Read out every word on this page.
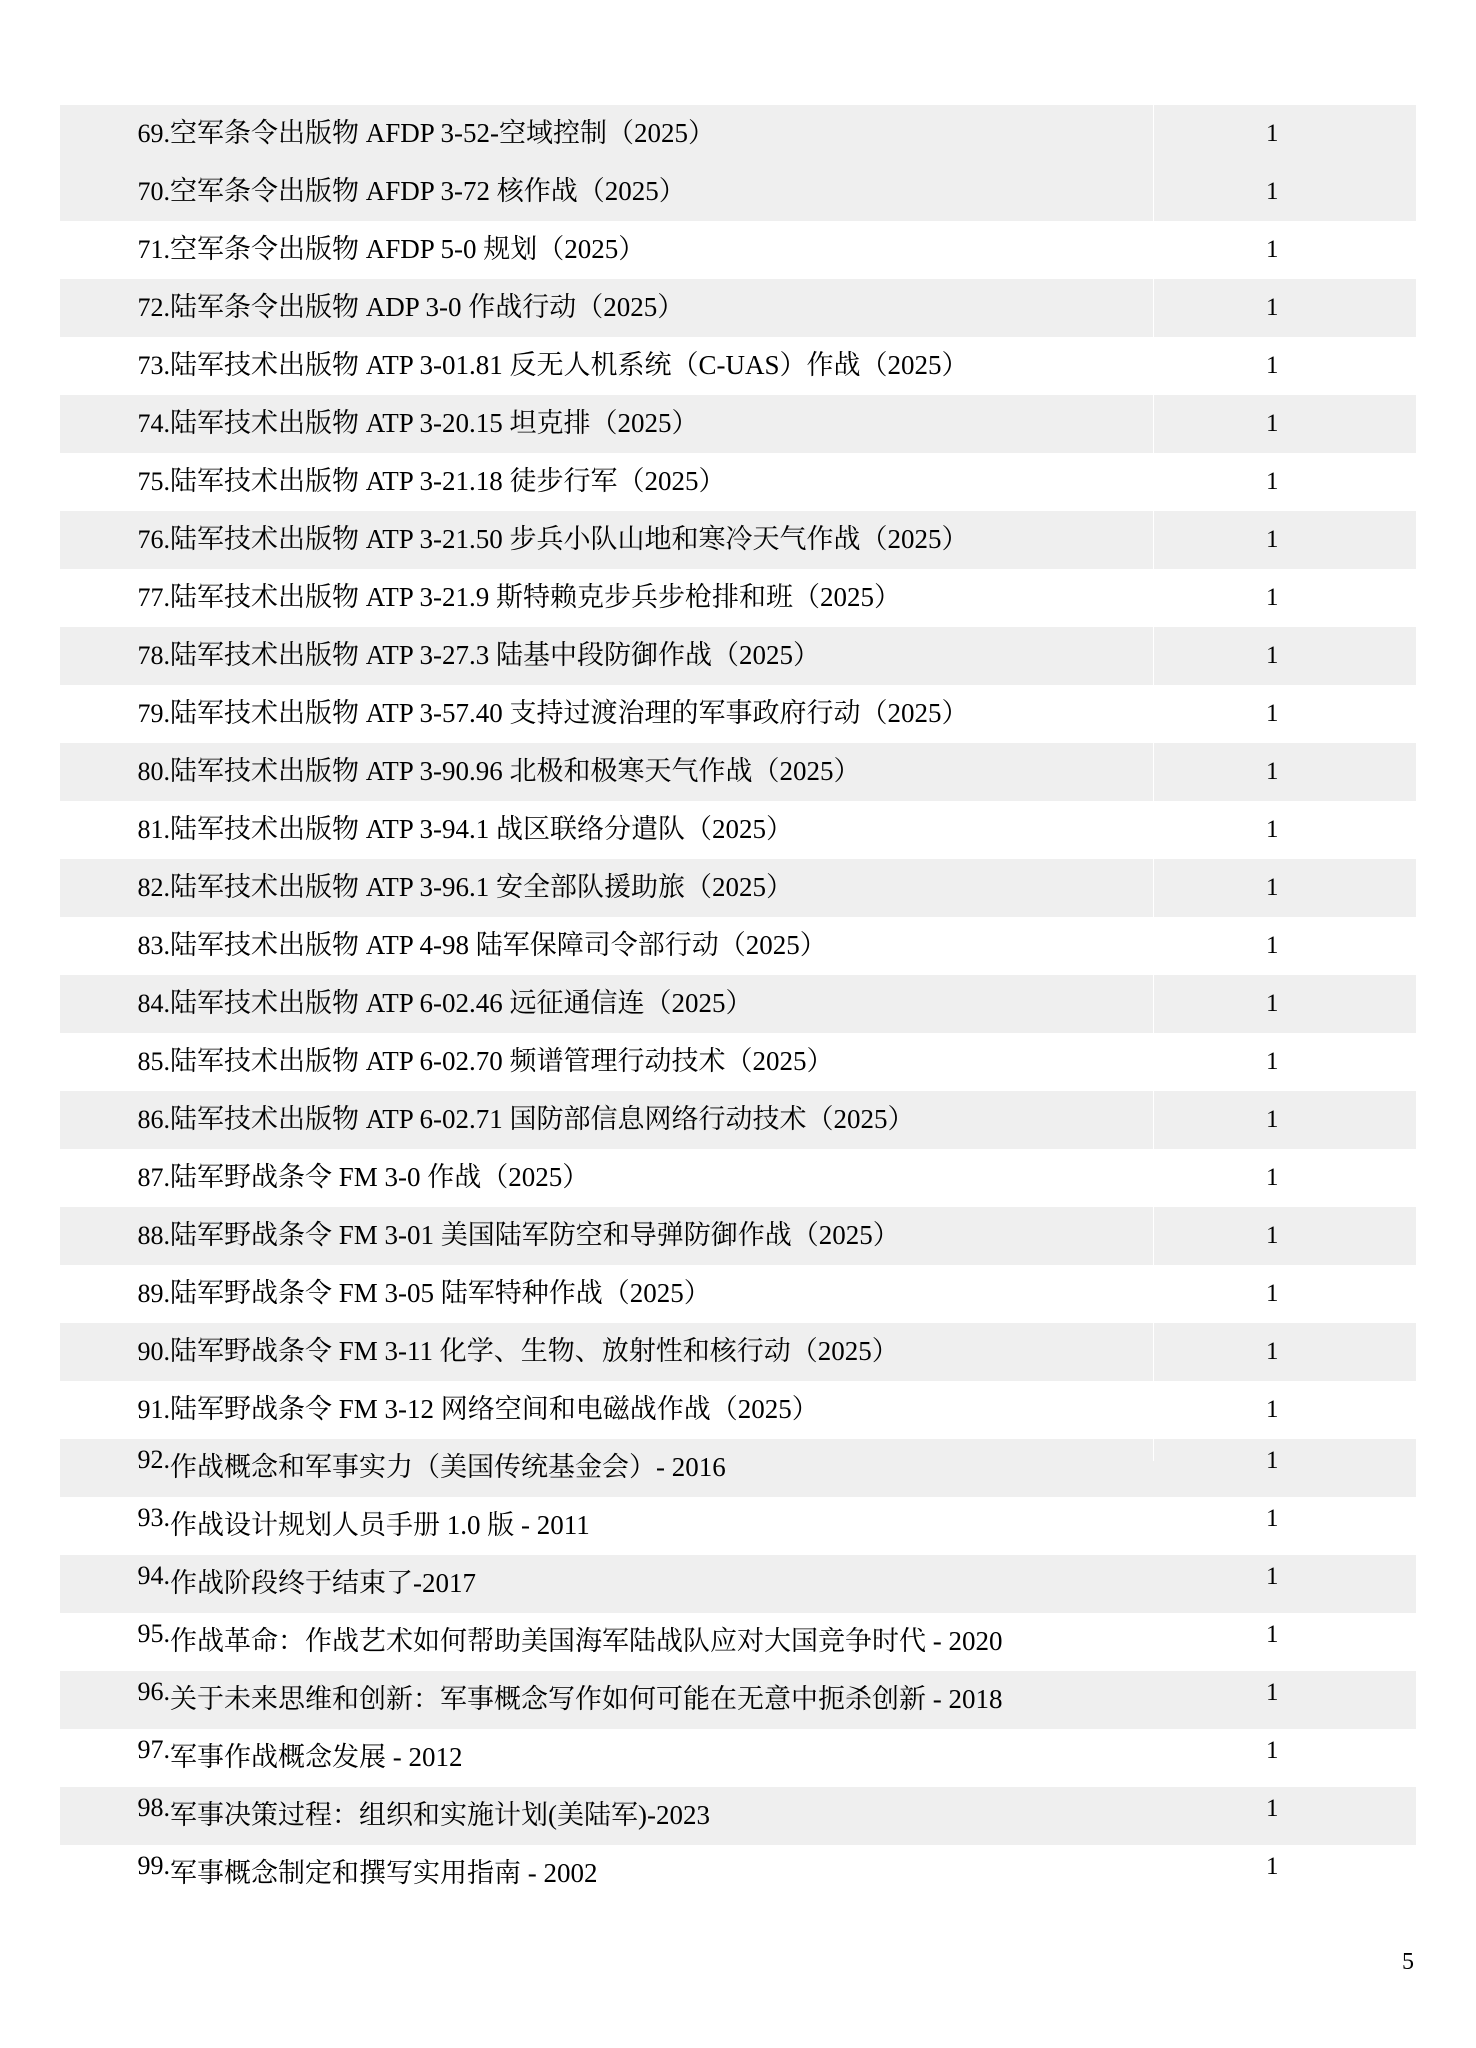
69.	空军条令出版物 AFDP 3-52-空域控制（2025）	1
70.	空军条令出版物 AFDP 3-72 核作战（2025）	1
71.	空军条令出版物 AFDP 5-0 规划（2025）	1
72.	陆军条令出版物 ADP 3-0 作战行动（2025）	1
73.	陆军技术出版物 ATP 3-01.81 反无人机系统（C-UAS）作战（2025）	1
74.	陆军技术出版物 ATP 3-20.15 坦克排（2025）	1
75.	陆军技术出版物 ATP 3-21.18 徒步行军（2025）	1
76.	陆军技术出版物 ATP 3-21.50 步兵小队山地和寒冷天气作战（2025）	1
77.	陆军技术出版物 ATP 3-21.9 斯特赖克步兵步枪排和班（2025）	1
78.	陆军技术出版物 ATP 3-27.3 陆基中段防御作战（2025）	1
79.	陆军技术出版物 ATP 3-57.40 支持过渡治理的军事政府行动（2025）	1
80.	陆军技术出版物 ATP 3-90.96 北极和极寒天气作战（2025）	1
81.	陆军技术出版物 ATP 3-94.1 战区联络分遣队（2025）	1
82.	陆军技术出版物 ATP 3-96.1 安全部队援助旅（2025）	1
83.	陆军技术出版物 ATP 4-98 陆军保障司令部行动（2025）	1
84.	陆军技术出版物 ATP 6-02.46 远征通信连（2025）	1
85.	陆军技术出版物 ATP 6-02.70 频谱管理行动技术（2025）	1
86.	陆军技术出版物 ATP 6-02.71 国防部信息网络行动技术（2025）	1
87.	陆军野战条令 FM 3-0 作战（2025）	1
88.	陆军野战条令 FM 3-01 美国陆军防空和导弹防御作战（2025）	1
89.	陆军野战条令 FM 3-05 陆军特种作战（2025）	1
90.	陆军野战条令 FM 3-11 化学、生物、放射性和核行动（2025）	1
91.	陆军野战条令 FM 3-12 网络空间和电磁战作战（2025）	1
92.	作战概念和军事实力（美国传统基金会）- 2016	1
93.	作战设计规划人员手册 1.0 版 - 2011	1
94.	作战阶段终于结束了-2017	1
95.	作战革命：作战艺术如何帮助美国海军陆战队应对大国竞争时代 - 2020	1
96.	关于未来思维和创新：军事概念写作如何可能在无意中扼杀创新 - 2018	1
97.	军事作战概念发展 - 2012	1
98.	军事决策过程：组织和实施计划(美陆军)-2023	1
99.	军事概念制定和撰写实用指南 - 2002	1
5
